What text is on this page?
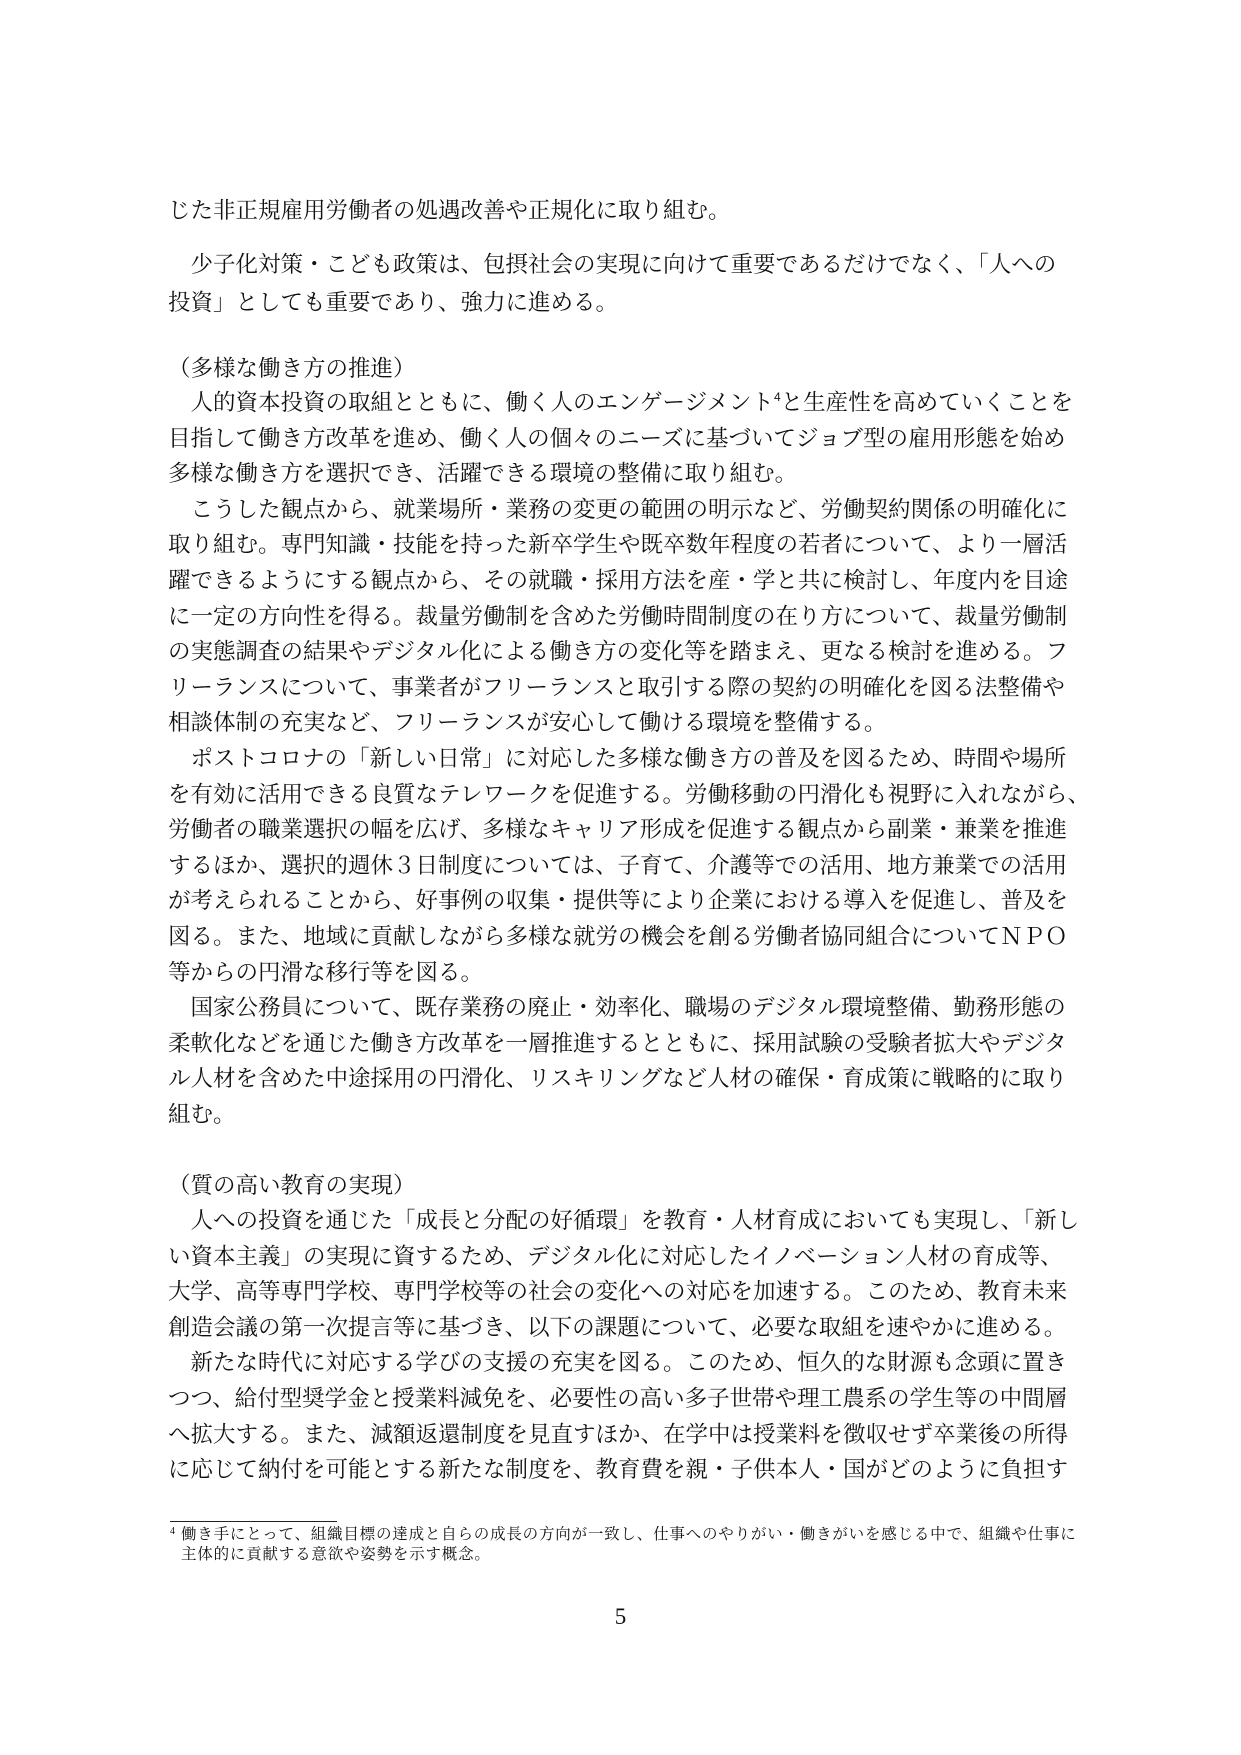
じた非正規雇用労働者の処遇改善や正規化に取り組む。
　少子化対策・こども政策は、包摂社会の実現に向けて重要であるだけでなく、「人への
投資」としても重要であり、強力に進める。
（多様な働き方の推進）
　人的資本投資の取組とともに、働く人のエンゲージメント$^4$と生産性を高めていくことを
目指して働き方改革を進め、働く人の個々のニーズに基づいてジョブ型の雇用形態を始め
多様な働き方を選択でき、活躍できる環境の整備に取り組む。
　こうした観点から、就業場所・業務の変更の範囲の明示など、労働契約関係の明確化に
取り組む。専門知識・技能を持った新卒学生や既卒数年程度の若者について、より一層活
躍できるようにする観点から、その就職・採用方法を産・学と共に検討し、年度内を目途
に一定の方向性を得る。裁量労働制を含めた労働時間制度の在り方について、裁量労働制
の実態調査の結果やデジタル化による働き方の変化等を踏まえ、更なる検討を進める。フ
リーランスについて、事業者がフリーランスと取引する際の契約の明確化を図る法整備や
相談体制の充実など、フリーランスが安心して働ける環境を整備する。
　ポストコロナの「新しい日常」に対応した多様な働き方の普及を図るため、時間や場所
を有効に活用できる良質なテレワークを促進する。労働移動の円滑化も視野に入れながら、
労働者の職業選択の幅を広げ、多様なキャリア形成を促進する観点から副業・兼業を推進
するほか、選択的週休３日制度については、子育て、介護等での活用、地方兼業での活用
が考えられることから、好事例の収集・提供等により企業における導入を促進し、普及を
図る。また、地域に貢献しながら多様な就労の機会を創る労働者協同組合についてＮＰＯ
等からの円滑な移行等を図る。
　国家公務員について、既存業務の廃止・効率化、職場のデジタル環境整備、勤務形態の
柔軟化などを通じた働き方改革を一層推進するとともに、採用試験の受験者拡大やデジタ
ル人材を含めた中途採用の円滑化、リスキリングなど人材の確保・育成策に戦略的に取り
組む。
（質の高い教育の実現）
　人への投資を通じた「成長と分配の好循環」を教育・人材育成においても実現し、「新し
い資本主義」の実現に資するため、デジタル化に対応したイノベーション人材の育成等、
大学、高等専門学校、専門学校等の社会の変化への対応を加速する。このため、教育未来
創造会議の第一次提言等に基づき、以下の課題について、必要な取組を速やかに進める。
　新たな時代に対応する学びの支援の充実を図る。このため、恒久的な財源も念頭に置き
つつ、給付型奨学金と授業料減免を、必要性の高い多子世帯や理工農系の学生等の中間層
へ拡大する。また、減額返還制度を見直すほか、在学中は授業料を徴収せず卒業後の所得
に応じて納付を可能とする新たな制度を、教育費を親・子供本人・国がどのように負担す
4 働き手にとって、組織目標の達成と自らの成長の方向が一致し、仕事へのやりがい・働きがいを感じる中で、組織や仕事に
主体的に貢献する意欲や姿勢を示す概念。
5
